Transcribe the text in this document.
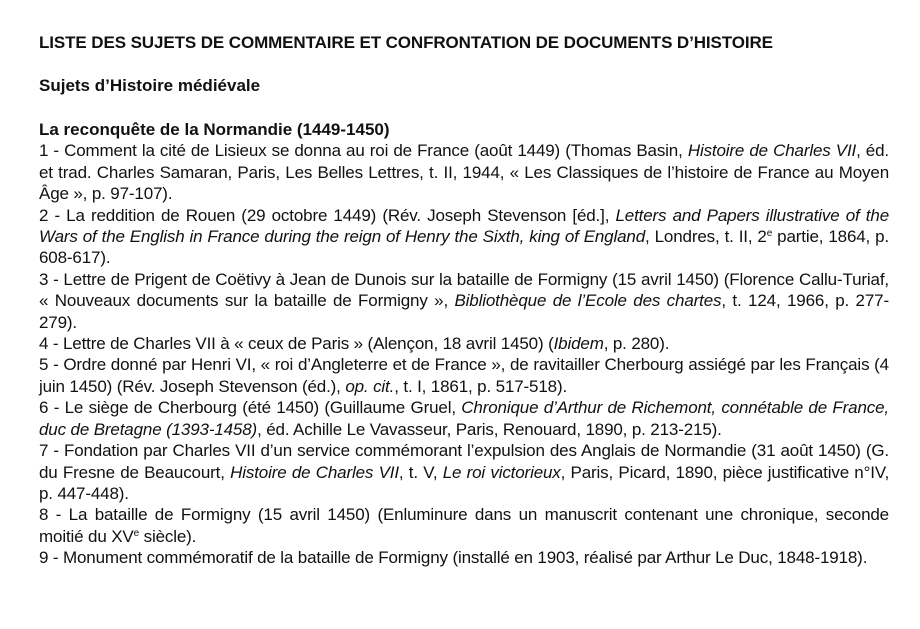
LISTE DES SUJETS DE COMMENTAIRE ET CONFRONTATION DE DOCUMENTS D’HISTOIRE
Sujets d’Histoire médiévale
La reconquête de la Normandie (1449-1450)
1 - Comment la cité de Lisieux se donna au roi de France (août 1449) (Thomas Basin, Histoire de Charles VII, éd. et trad. Charles Samaran, Paris, Les Belles Lettres, t. II, 1944, « Les Classiques de l’histoire de France au Moyen Âge », p. 97-107).
2 - La reddition de Rouen (29 octobre 1449) (Rév. Joseph Stevenson [éd.], Letters and Papers illustrative of the Wars of the English in France during the reign of Henry the Sixth, king of England, Londres, t. II, 2e partie, 1864, p. 608-617).
3 - Lettre de Prigent de Coëtivy à Jean de Dunois sur la bataille de Formigny (15 avril 1450) (Florence Callu-Turiaf, « Nouveaux documents sur la bataille de Formigny », Bibliothèque de l’Ecole des chartes, t. 124, 1966, p. 277-279).
4 - Lettre de Charles VII à « ceux de Paris » (Alençon, 18 avril 1450) (Ibidem, p. 280).
5 - Ordre donné par Henri VI, « roi d’Angleterre et de France », de ravitailler Cherbourg assiégé par les Français (4 juin 1450) (Rév. Joseph Stevenson (éd.), op. cit., t. I, 1861, p. 517-518).
6 - Le siège de Cherbourg (été 1450) (Guillaume Gruel, Chronique d’Arthur de Richemont, connétable de France, duc de Bretagne (1393-1458), éd. Achille Le Vavasseur, Paris, Renouard, 1890, p. 213-215).
7 - Fondation par Charles VII d’un service commémorant l’expulsion des Anglais de Normandie (31 août 1450) (G. du Fresne de Beaucourt, Histoire de Charles VII, t. V, Le roi victorieux, Paris, Picard, 1890, pièce justificative n°IV, p. 447-448).
8 - La bataille de Formigny (15 avril 1450) (Enluminure dans un manuscrit contenant une chronique, seconde moitié du XVe siècle).
9 - Monument commémoratif de la bataille de Formigny (installé en 1903, réalisé par Arthur Le Duc, 1848-1918).
